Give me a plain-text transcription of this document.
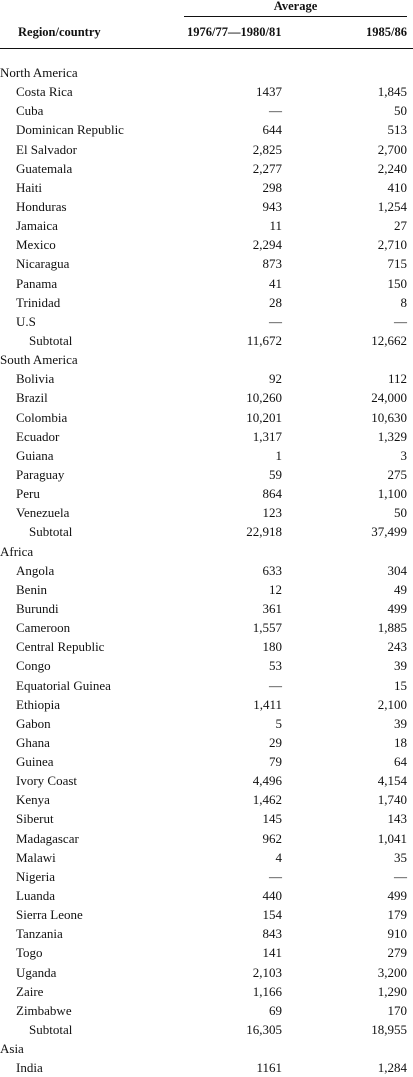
Average
Region/country	1976/77—1980/81	1985/86
North America
Costa Rica	1437	1,845
Cuba	—	50
Dominican Republic	644	513
El Salvador	2,825	2,700
Guatemala	2,277	2,240
Haiti	298	410
Honduras	943	1,254
Jamaica	11	27
Mexico	2,294	2,710
Nicaragua	873	715
Panama	41	150
Trinidad	28	8
U.S	—	—
Subtotal	11,672	12,662
South America
Bolivia	92	112
Brazil	10,260	24,000
Colombia	10,201	10,630
Ecuador	1,317	1,329
Guiana	1	3
Paraguay	59	275
Peru	864	1,100
Venezuela	123	50
Subtotal	22,918	37,499
Africa
Angola	633	304
Benin	12	49
Burundi	361	499
Cameroon	1,557	1,885
Central Republic	180	243
Congo	53	39
Equatorial Guinea	—	15
Ethiopia	1,411	2,100
Gabon	5	39
Ghana	29	18
Guinea	79	64
Ivory Coast	4,496	4,154
Kenya	1,462	1,740
Siberut	145	143
Madagascar	962	1,041
Malawi	4	35
Nigeria	—	—
Luanda	440	499
Sierra Leone	154	179
Tanzania	843	910
Togo	141	279
Uganda	2,103	3,200
Zaire	1,166	1,290
Zimbabwe	69	170
Subtotal	16,305	18,955
Asia
India	1161	1,284
